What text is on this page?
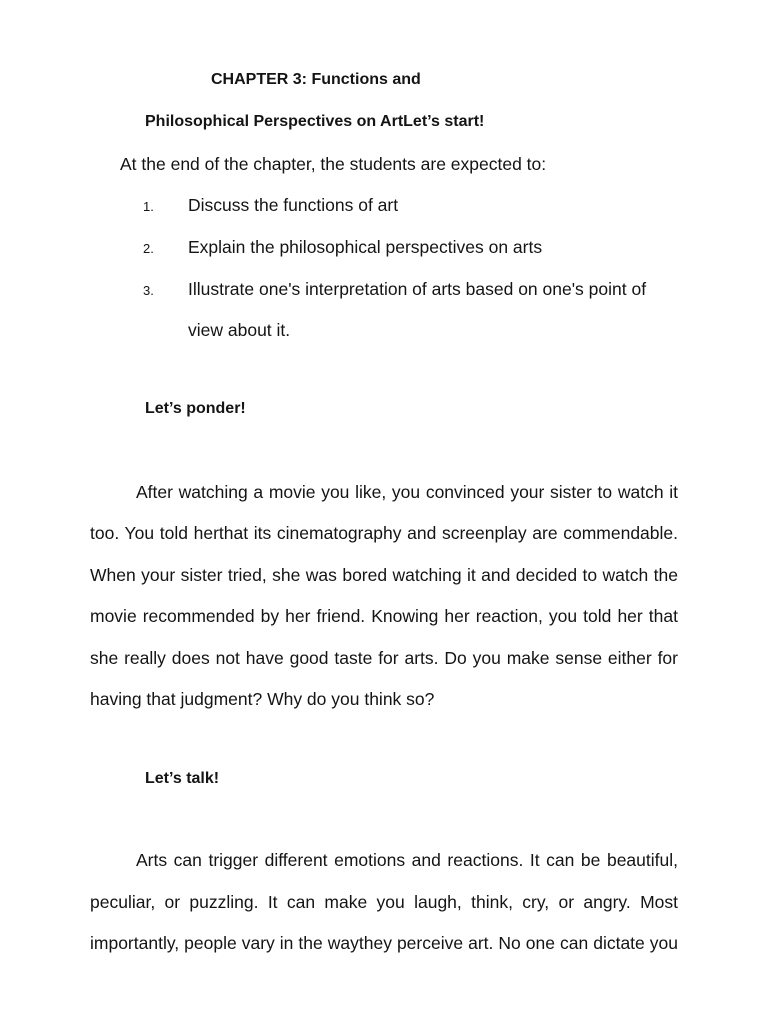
CHAPTER 3: Functions and
Philosophical Perspectives on ArtLet’s start!
At the end of the chapter, the students are expected to:
1. Discuss the functions of art
2. Explain the philosophical perspectives on arts
3. Illustrate one's interpretation of arts based on one's point of
view about it.
Let’s ponder!
After watching a movie you like, you convinced your sister to watch it
too. You told herthat its cinematography and screenplay are commendable.
When your sister tried, she was bored watching it and decided to watch the
movie recommended by her friend. Knowing her reaction, you told her that
she really does not have good taste for arts. Do you make sense either for
having that judgment? Why do you think so?
Let’s talk!
Arts can trigger different emotions and reactions. It can be beautiful,
peculiar, or puzzling. It can make you laugh, think, cry, or angry. Most
importantly, people vary in the waythey perceive art. No one can dictate you
